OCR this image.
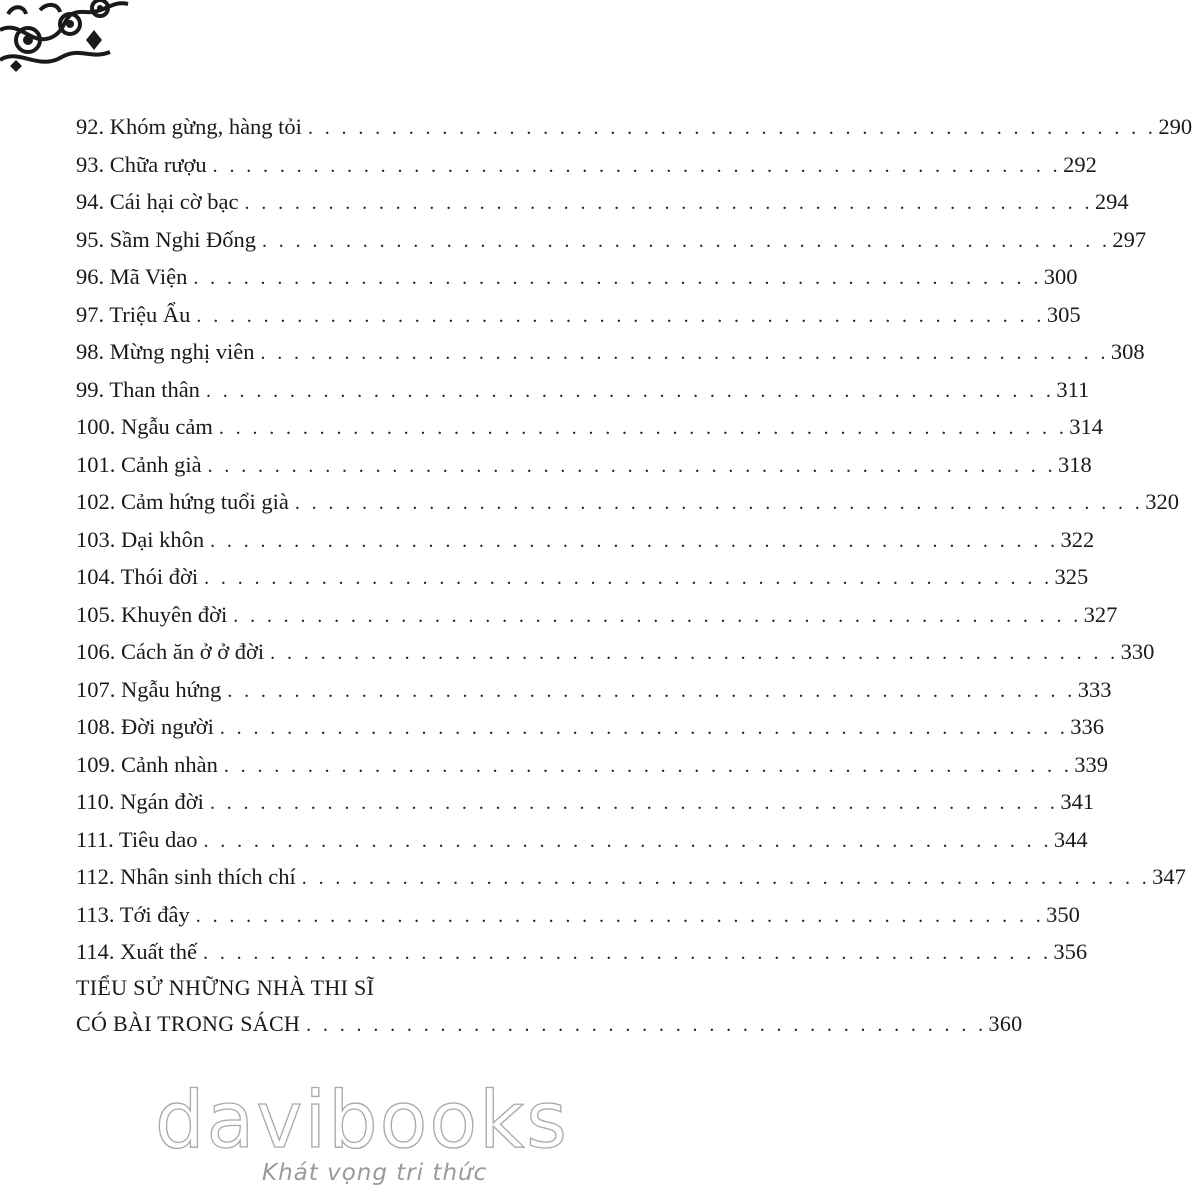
92. Khóm gừng, hàng tỏi . . . . . . . . . . . . . . . . . . . . . . . . . . . . . . . . . . . . . . . . . . . . . . . . . . . 290
93. Chữa rượu . . . . . . . . . . . . . . . . . . . . . . . . . . . . . . . . . . . . . . . . . . . . . . . . . . . 292
94. Cái hại cờ bạc . . . . . . . . . . . . . . . . . . . . . . . . . . . . . . . . . . . . . . . . . . . . . . . . . . . 294
95. Sầm Nghi Đống . . . . . . . . . . . . . . . . . . . . . . . . . . . . . . . . . . . . . . . . . . . . . . . . . . . 297
96. Mã Viện . . . . . . . . . . . . . . . . . . . . . . . . . . . . . . . . . . . . . . . . . . . . . . . . . . . 300
97. Triệu Ẩu . . . . . . . . . . . . . . . . . . . . . . . . . . . . . . . . . . . . . . . . . . . . . . . . . . . 305
98. Mừng nghị viên . . . . . . . . . . . . . . . . . . . . . . . . . . . . . . . . . . . . . . . . . . . . . . . . . . . 308
99. Than thân . . . . . . . . . . . . . . . . . . . . . . . . . . . . . . . . . . . . . . . . . . . . . . . . . . . 311
100. Ngẫu cảm . . . . . . . . . . . . . . . . . . . . . . . . . . . . . . . . . . . . . . . . . . . . . . . . . . . 314
101. Cảnh già . . . . . . . . . . . . . . . . . . . . . . . . . . . . . . . . . . . . . . . . . . . . . . . . . . . 318
102. Cảm hứng tuổi già . . . . . . . . . . . . . . . . . . . . . . . . . . . . . . . . . . . . . . . . . . . . . . . . . . . 320
103. Dại khôn . . . . . . . . . . . . . . . . . . . . . . . . . . . . . . . . . . . . . . . . . . . . . . . . . . . 322
104. Thói đời . . . . . . . . . . . . . . . . . . . . . . . . . . . . . . . . . . . . . . . . . . . . . . . . . . . 325
105. Khuyên đời . . . . . . . . . . . . . . . . . . . . . . . . . . . . . . . . . . . . . . . . . . . . . . . . . . . 327
106. Cách ăn ở ở đời . . . . . . . . . . . . . . . . . . . . . . . . . . . . . . . . . . . . . . . . . . . . . . . . . . . 330
107. Ngẫu hứng . . . . . . . . . . . . . . . . . . . . . . . . . . . . . . . . . . . . . . . . . . . . . . . . . . . 333
108. Đời người . . . . . . . . . . . . . . . . . . . . . . . . . . . . . . . . . . . . . . . . . . . . . . . . . . . 336
109. Cảnh nhàn . . . . . . . . . . . . . . . . . . . . . . . . . . . . . . . . . . . . . . . . . . . . . . . . . . . 339
110. Ngán đời . . . . . . . . . . . . . . . . . . . . . . . . . . . . . . . . . . . . . . . . . . . . . . . . . . . 341
111. Tiêu dao . . . . . . . . . . . . . . . . . . . . . . . . . . . . . . . . . . . . . . . . . . . . . . . . . . . 344
112. Nhân sinh thích chí . . . . . . . . . . . . . . . . . . . . . . . . . . . . . . . . . . . . . . . . . . . . . . . . . . . 347
113. Tới đây . . . . . . . . . . . . . . . . . . . . . . . . . . . . . . . . . . . . . . . . . . . . . . . . . . . 350
114. Xuất thế . . . . . . . . . . . . . . . . . . . . . . . . . . . . . . . . . . . . . . . . . . . . . . . . . . . 356
TIỂU SỬ NHỮNG NHÀ THI SĨ
CÓ BÀI TRONG SÁCH . . . . . . . . . . . . . . . . . . . . . . . . . . . . . . . . . . . . . . . . . 360
davibooks
Khát vọng tri thức
